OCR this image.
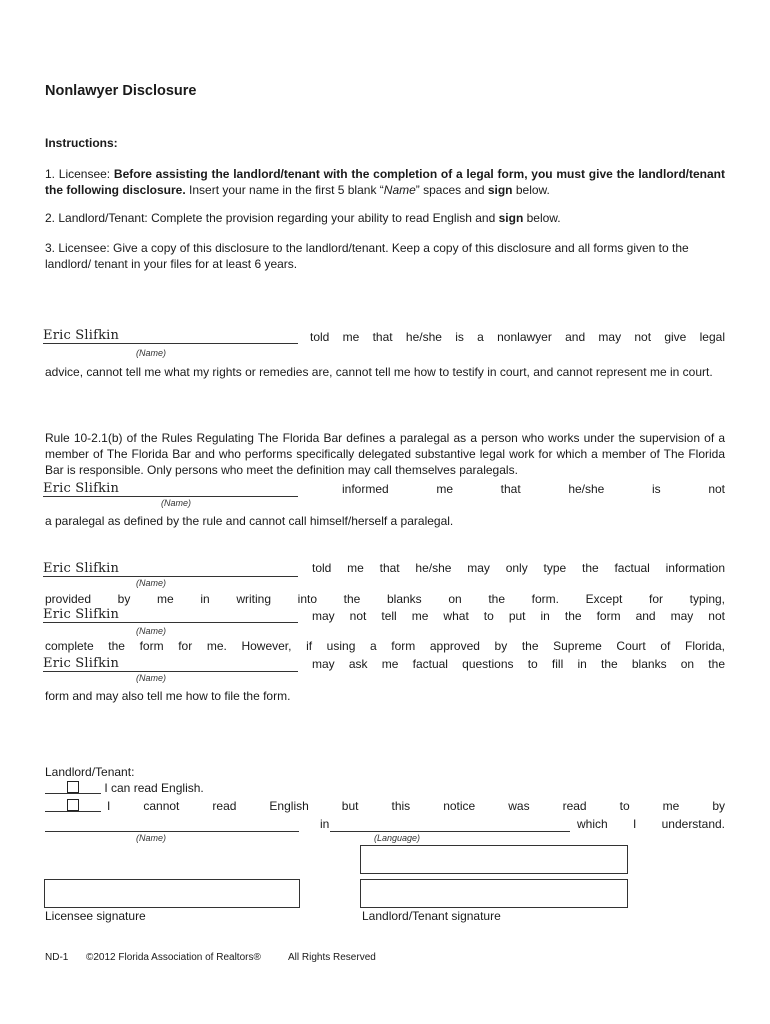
Nonlawyer Disclosure
Instructions:
1. Licensee: Before assisting the landlord/tenant with the completion of a legal form, you must give the landlord/tenant the following disclosure. Insert your name in the first 5 blank “Name” spaces and sign below.
2. Landlord/Tenant: Complete the provision regarding your ability to read English and sign below.
3. Licensee: Give a copy of this disclosure to the landlord/tenant. Keep a copy of this disclosure and all forms given to the landlord/ tenant in your files for at least 6 years.
Eric Slifkin	told me that he/she is a nonlawyer and may not give legal
(Name)
advice, cannot tell me what my rights or remedies are, cannot tell me how to testify in court, and cannot represent me in court.
Rule 10-2.1(b) of the Rules Regulating The Florida Bar defines a paralegal as a person who works under the supervision of a member of The Florida Bar and who performs specifically delegated substantive legal work for which a member of The Florida Bar is responsible. Only persons who meet the definition may call themselves paralegals.
Eric Slifkin	informed me that he/she is not
(Name)
a paralegal as defined by the rule and cannot call himself/herself a paralegal.
Eric Slifkin	told me that he/she may only type the factual information
(Name)
provided by me in writing into the blanks on the form. Except for typing,
Eric Slifkin	may not tell me what to put in the form and may not
(Name)
complete the form for me. However, if using a form approved by the Supreme Court of Florida,
Eric Slifkin	may ask me factual questions to fill in the blanks on the
(Name)
form and may also tell me how to file the form.
Landlord/Tenant:
I can read English.
I cannot read English but this notice was read to me by
in	which I understand.
(Name)	(Language)
Licensee signature	Landlord/Tenant signature
ND-1 ©2012 Florida Association of Realtors®	All Rights Reserved
